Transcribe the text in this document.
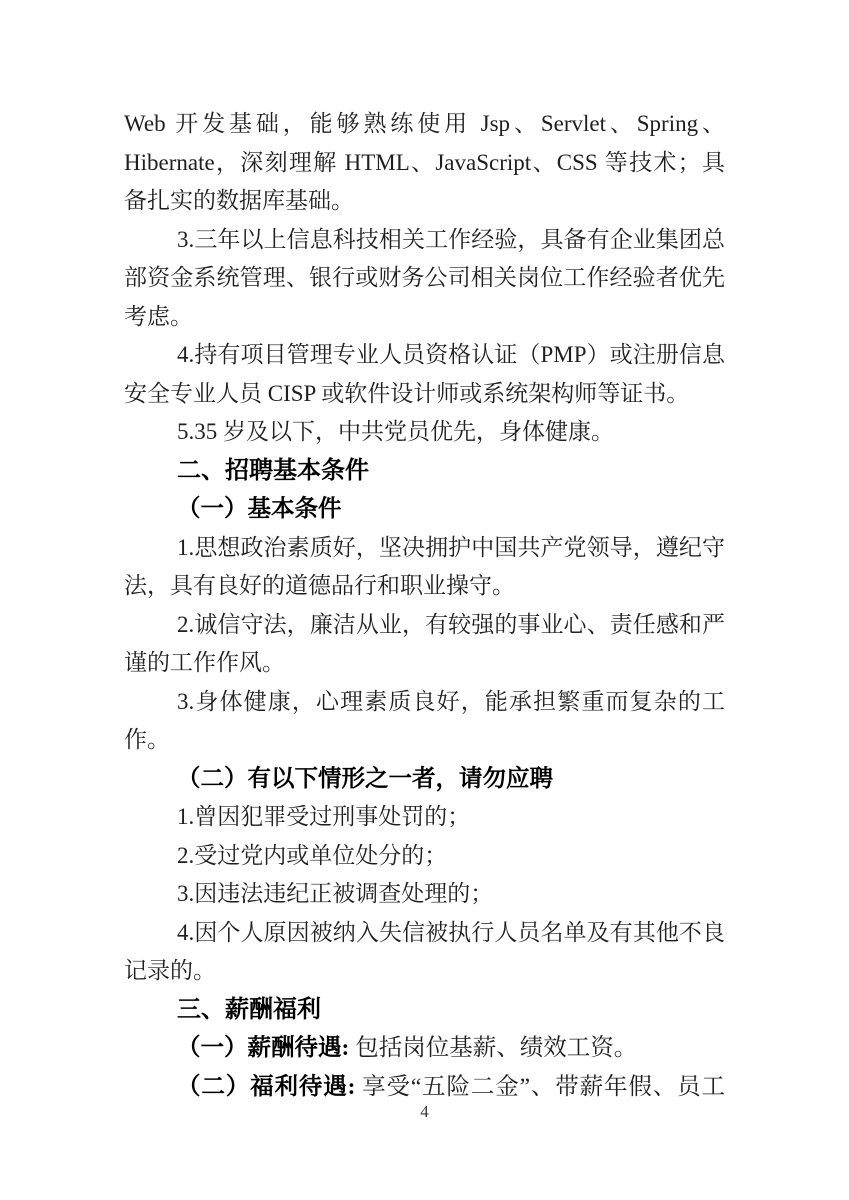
Web 开发基础，能够熟练使用 Jsp、Servlet、Spring、Hibernate，深刻理解 HTML、JavaScript、CSS 等技术；具备扎实的数据库基础。

3.三年以上信息科技相关工作经验，具备有企业集团总部资金系统管理、银行或财务公司相关岗位工作经验者优先考虑。

4.持有项目管理专业人员资格认证（PMP）或注册信息安全专业人员 CISP 或软件设计师或系统架构师等证书。

5.35 岁及以下，中共党员优先，身体健康。

二、招聘基本条件

（一）基本条件

1.思想政治素质好，坚决拥护中国共产党领导，遵纪守法，具有良好的道德品行和职业操守。

2.诚信守法，廉洁从业，有较强的事业心、责任感和严谨的工作作风。

3.身体健康，心理素质良好，能承担繁重而复杂的工作。

（二）有以下情形之一者，请勿应聘

1.曾因犯罪受过刑事处罚的；

2.受过党内或单位处分的；

3.因违法违纪正被调查处理的；

4.因个人原因被纳入失信被执行人员名单及有其他不良记录的。

三、薪酬福利

（一）薪酬待遇: 包括岗位基薪、绩效工资。

（二）福利待遇: 享受“五险二金”、带薪年假、员工

4
